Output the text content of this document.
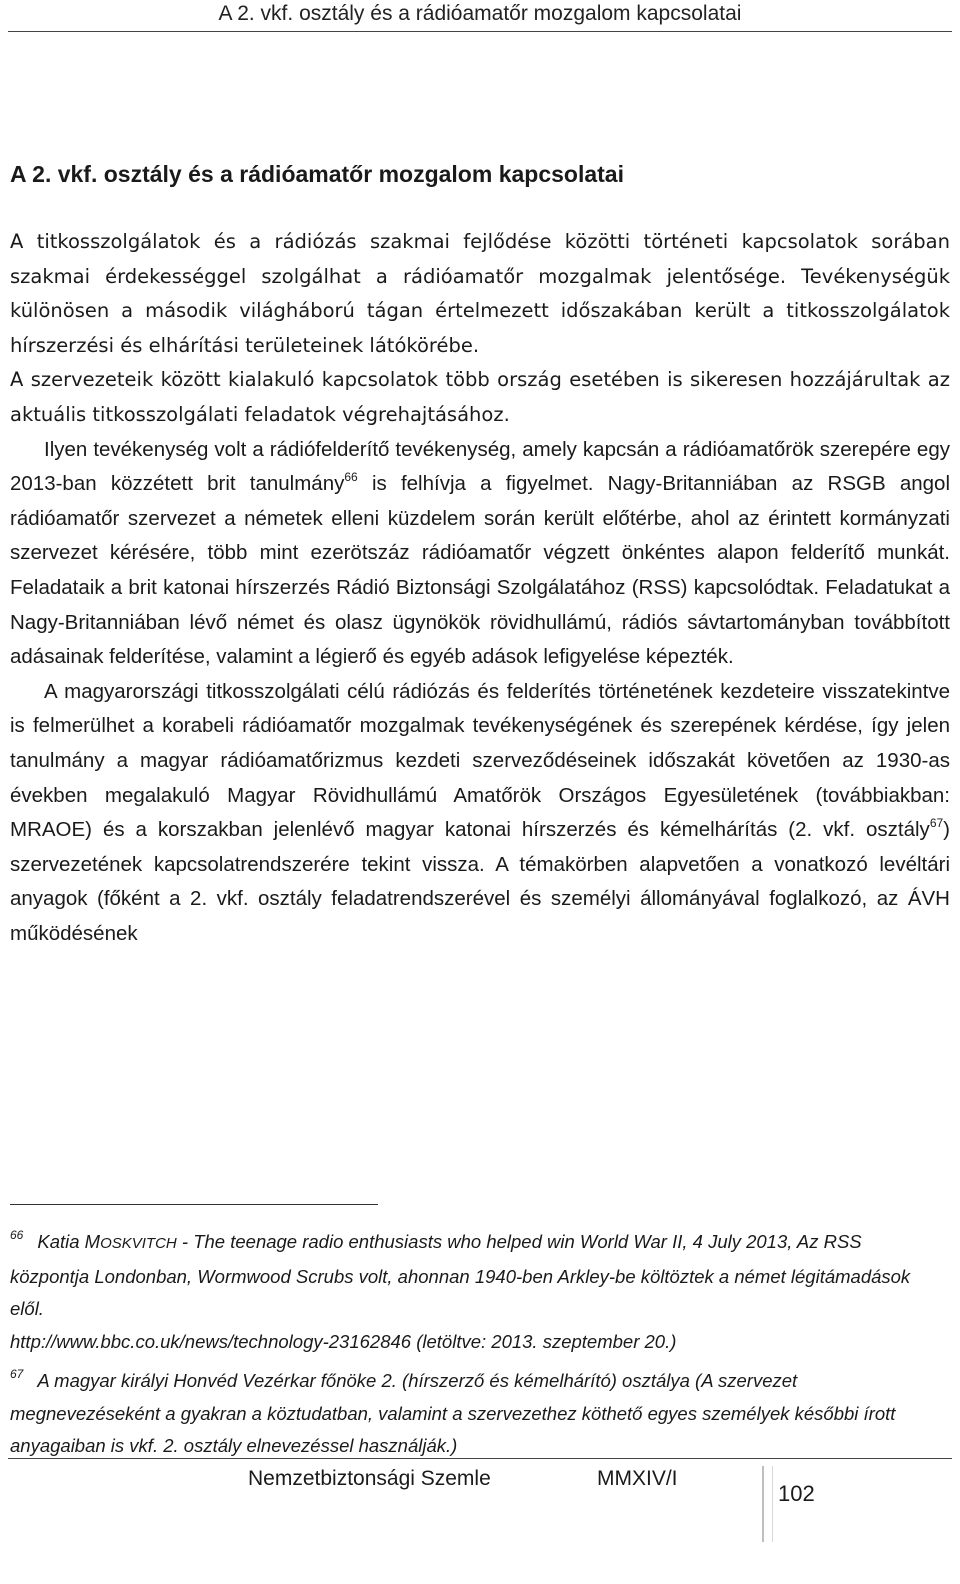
A 2. vkf. osztály és a rádióamatőr mozgalom kapcsolatai
A 2. vkf. osztály és a rádióamatőr mozgalom kapcsolatai

A titkosszolgálatok és a rádiózás szakmai fejlődése közötti történeti kapcsolatok sorában szakmai érdekességgel szolgálhat a rádióamatőr mozgalmak jelentősége. Tevékenységük különösen a második világháború tágan értelmezett időszakában került a titkosszolgálatok hírszerzési és elhárítási területeinek látókörébe.

A szervezeteik között kialakuló kapcsolatok több ország esetében is sikeresen hozzájárultak az aktuális titkosszolgálati feladatok végrehajtásához.

Ilyen tevékenység volt a rádiófelderítő tevékenység, amely kapcsán a rádióamatőrök szerepére egy 2013-ban közzétett brit tanulmány$^{66}$ is felhívja a figyelmet. Nagy-Britanniában az RSGB angol rádióamatőr szervezet a németek elleni küzdelem során került előtérbe, ahol az érintett kormányzati szervezet kérésére, több mint ezerötszáz rádióamatőr végzett önkéntes alapon felderítő munkát. Feladataik a brit katonai hírszerzés Rádió Biztonsági Szolgálatához (RSS) kapcsolódtak. Feladatukat a Nagy-Britanniában lévő német és olasz ügynökök rövidhullámú, rádiós sávtartományban továbbított adásainak felderítése, valamint a légierő és egyéb adások lefigyelése képezték.

A magyarországi titkosszolgálati célú rádiózás és felderítés történetének kezdeteire visszatekintve is felmerülhet a korabeli rádióamatőr mozgalmak tevékenységének és szerepének kérdése, így jelen tanulmány a magyar rádióamatőrizmus kezdeti szerveződéseinek időszakát követően az 1930-as években megalakuló Magyar Rövidhullámú Amatőrök Országos Egyesületének (továbbiakban: MRAOE) és a korszakban jelenlévő magyar katonai hírszerzés és kémelhárítás (2. vkf. osztály$^{67}$) szervezetének kapcsolatrendszerére tekint vissza. A témakörben alapvetően a vonatkozó levéltári anyagok (főként a 2. vkf. osztály feladatrendszerével és személyi állományával foglalkozó, az ÁVH működésének

$^{66}$ Katia MOSKVITCH - The teenage radio enthusiasts who helped win World War II, 4 July 2013, Az RSS központja Londonban, Wormwood Scrubs volt, ahonnan 1940-ben Arkley-be költöztek a német légitámadások elől.

http://www.bbc.co.uk/news/technology-23162846 (letöltve: 2013. szeptember 20.)

$^{67}$ A magyar királyi Honvéd Vezérkar főnöke 2. (hírszerző és kémelhárító) osztálya (A szervezet megnevezéseként a gyakran a köztudatban, valamint a szervezethez köthető egyes személyek későbbi írott anyagaiban is vkf. 2. osztály elnevezéssel használják.)

Nemzetbiztonsági Szemle	MMXIV/I
102
